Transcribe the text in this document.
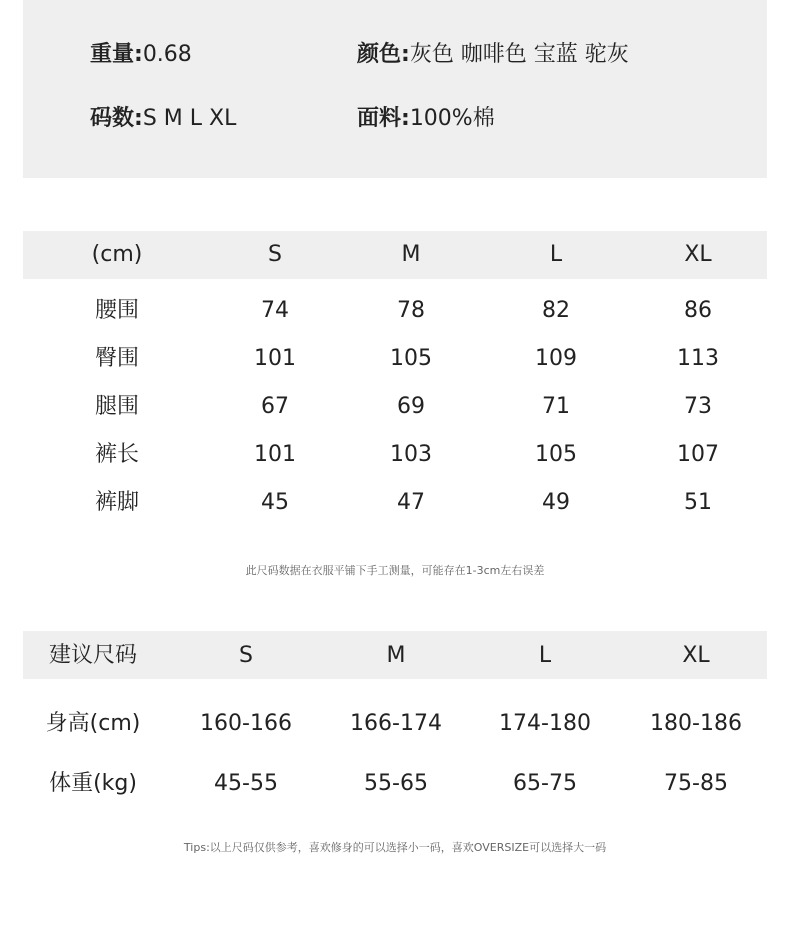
重量:0.68	颜色:灰色 咖啡色 宝蓝 驼灰
码数:S M L XL	面料:100%棉
(cm)	S	M	L	XL
腰围	74	78	82	86
臀围	101	105	109	113
腿围	67	69	71	73
裤长	101	103	105	107
裤脚	45	47	49	51
此尺码数据在衣服平铺下手工测量，可能存在1-3cm左右误差
建议尺码	S	M	L	XL
身高(cm)	160-166	166-174	174-180	180-186
体重(kg)	45-55	55-65	65-75	75-85
Tips:以上尺码仅供参考，喜欢修身的可以选择小一码，喜欢OVERSIZE可以选择大一码
